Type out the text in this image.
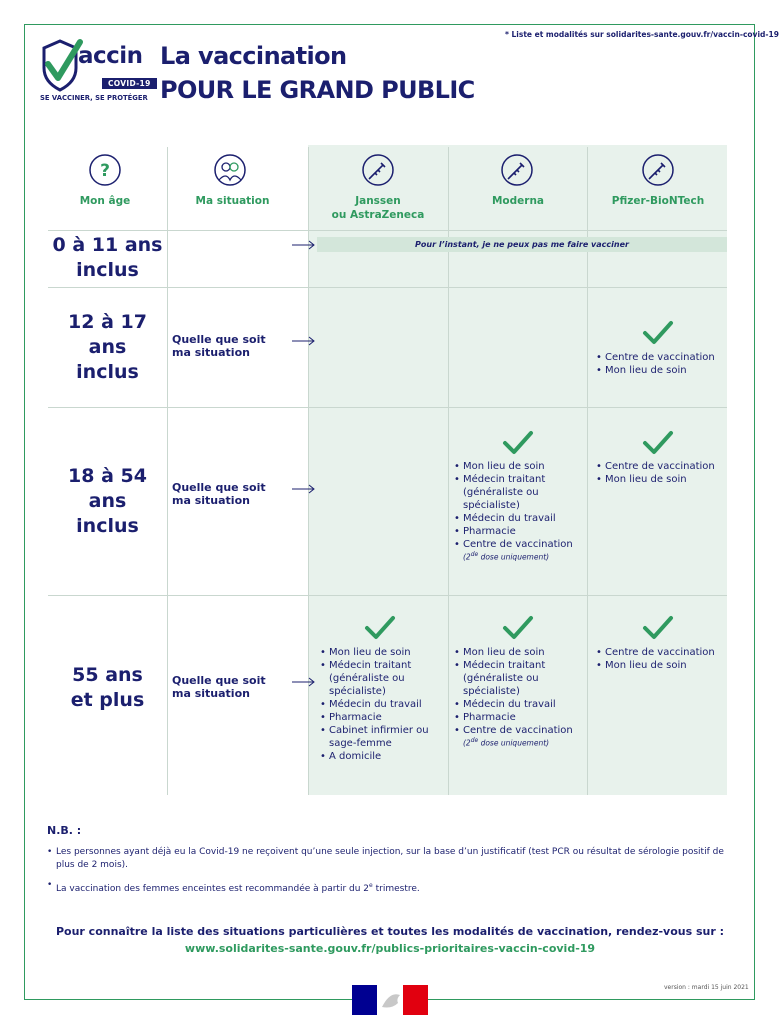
* Liste et modalités sur solidarites-sante.gouv.fr/vaccin-covid-19
accin
COVID-19
SE VACCINER, SE PROTÉGER
La vaccination
POUR LE GRAND PUBLIC
?
Mon âge	Ma situation	Janssen
ou AstraZeneca
Moderna	Pfizer-BioNTech
0 à 11 ans
inclus
Pour l’instant, je ne peux pas me faire vacciner
12 à 17
ans
inclus
Quelle que soit
ma situation
•	Centre de vaccination
• Mon lieu de soin
18 à 54
ans
inclus
Quelle que soit
ma situation
• Mon lieu de soin
• Médecin traitant
(généraliste ou
spécialiste)
• Médecin du travail
• Pharmacie
• Centre de vaccination
(2de dose uniquement)
• Centre de vaccination
• Mon lieu de soin
55 ans
et plus
Quelle que soit
ma situation
• Mon lieu de soin
• Médecin traitant
(généraliste ou
spécialiste)
• Médecin du travail
• Pharmacie
• Cabinet infirmier ou
sage-femme
• A domicile
• Mon lieu de soin
• Médecin traitant
(généraliste ou
spécialiste)
• Médecin du travail
• Pharmacie
• Centre de vaccination
(2de dose uniquement)
• Centre de vaccination
• Mon lieu de soin
N.B. :
• Les personnes ayant déjà eu la Covid-19 ne reçoivent qu’une seule injection, sur la base d’un justificatif (test PCR ou résultat de sérologie positif de plus de 2 mois).
• La vaccination des femmes enceintes est recommandée à partir du 2e trimestre.
Pour connaître la liste des situations particulières et toutes les modalités de vaccination, rendez-vous sur :
www.solidarites-sante.gouv.fr/publics-prioritaires-vaccin-covid-19
version : mardi 15 juin 2021
